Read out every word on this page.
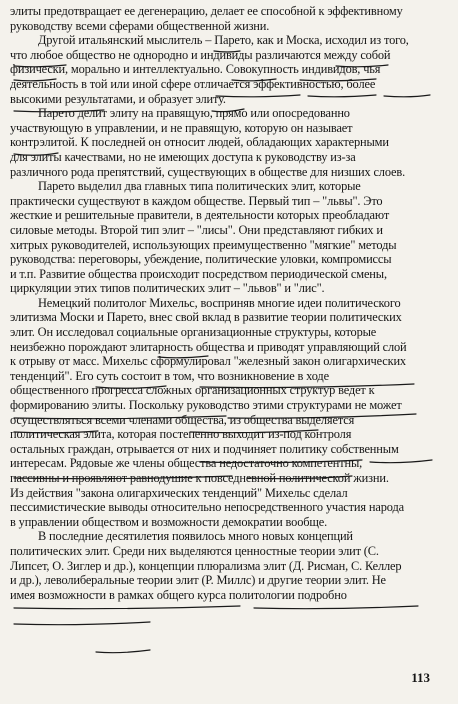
элиты предотвращает ее дегенерацию, делает ее способной к эффективному
руководству всеми сферами общественной жизни.
Другой итальянский мыслитель – Парето, как и Моска, исходил из того,
что любое общество не однородно и индивиды различаются между собой
физически, морально и интеллектуально. Совокупность индивидов, чья
деятельность в той или иной сфере отличается эффективностью, более
высокими результатами, и образует элиту.
Парето делит элиту на правящую, прямо или опосредованно
участвующую в управлении, и не правящую, которую он называет
контрэлитой. К последней он относит людей, обладающих характерными
для элиты качествами, но не имеющих доступа к руководству из-за
различного рода препятствий, существующих в обществе для низших слоев.
Парето выделил два главных типа политических элит, которые
практически существуют в каждом обществе. Первый тип – "львы". Это
жесткие и решительные правители, в деятельности которых преобладают
силовые методы. Второй тип элит – "лисы". Они представляют гибких и
хитрых руководителей, использующих преимущественно "мягкие" методы
руководства: переговоры, убеждение, политические уловки, компромиссы
и т.п. Развитие общества происходит посредством периодической смены,
циркуляции этих типов политических элит – "львов" и "лис".
Немецкий политолог Михельс, восприняв многие идеи политического
элитизма Моски и Парето, внес свой вклад в развитие теории политических
элит. Он исследовал социальные организационные структуры, которые
неизбежно порождают элитарность общества и приводят управляющий слой
к отрыву от масс. Михельс сформулировал "железный закон олигархических
тенденций". Его суть состоит в том, что возникновение в ходе
общественного прогресса сложных организационных структур ведет к
формированию элиты. Поскольку руководство этими структурами не может
осуществляться всеми членами общества, из общества выделяется
политическая элита, которая постепенно выходит из-под контроля
остальных граждан, отрывается от них и подчиняет политику собственным
интересам. Рядовые же члены общества недостаточно компетентны,
пассивны и проявляют равнодушие к повседневной политической жизни.
Из действия "закона олигархических тенденций" Михельс сделал
пессимистические выводы относительно непосредственного участия народа
в управлении обществом и возможности демократии вообще.
В последние десятилетия появилось много новых концепций
политических элит. Среди них выделяются ценностные теории элит (С.
Липсет, О. Зиглер и др.), концепции плюрализма элит (Д. Рисман, С. Келлер
и др.), леволиберальные теории элит (Р. Миллс) и другие теории элит. Не
имея возможности в рамках общего курса политологии подробно
113
